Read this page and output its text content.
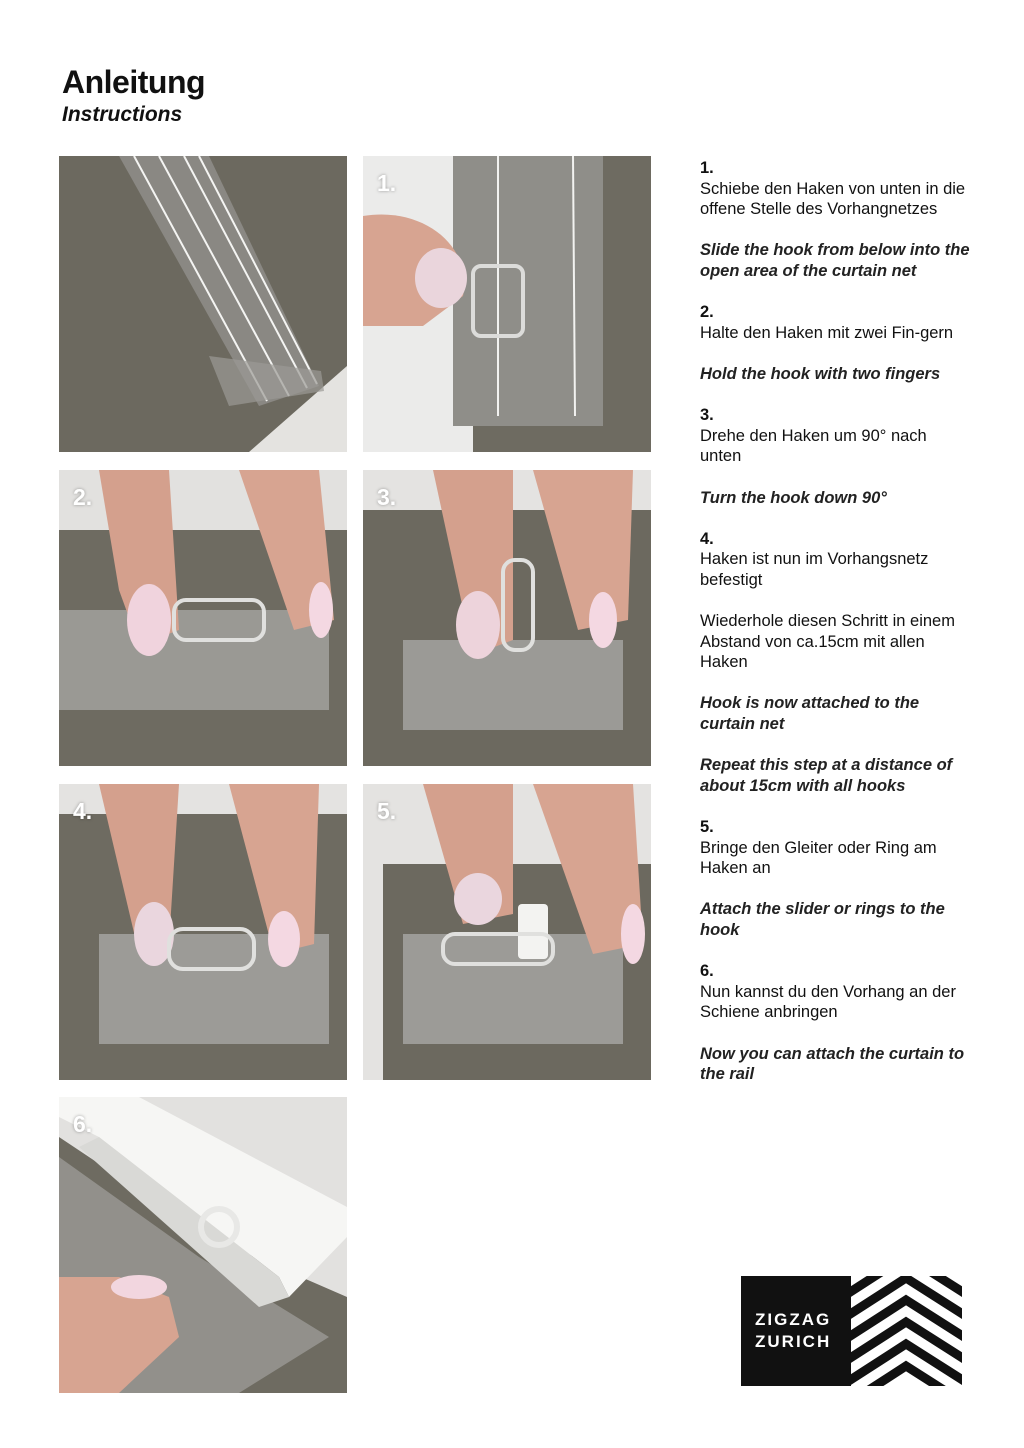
Anleitung
Instructions
1.
2.	3.
4.	5.
6.

1.

Schiebe den Haken von unten in die offene Stelle des Vorhangnetzes

Slide the hook from below into the open area of the curtain net

2.

Halte den Haken mit zwei Fin-gern

Hold the hook with two fingers

3.

Drehe den Haken um 90° nach unten

Turn the hook down 90°

4.

Haken ist nun im Vorhangsnetz befestigt

Wiederhole diesen Schritt in einem Abstand von ca.15cm mit allen Haken

Hook is now attached to the curtain net

Repeat this step at a distance of about 15cm with all hooks

5.

Bringe den Gleiter oder Ring am Haken an

Attach the slider or rings to the hook

6.

Nun kannst du den Vorhang an der Schiene anbringen

Now you can attach the curtain to the rail

ZIGZAG
ZURICH
